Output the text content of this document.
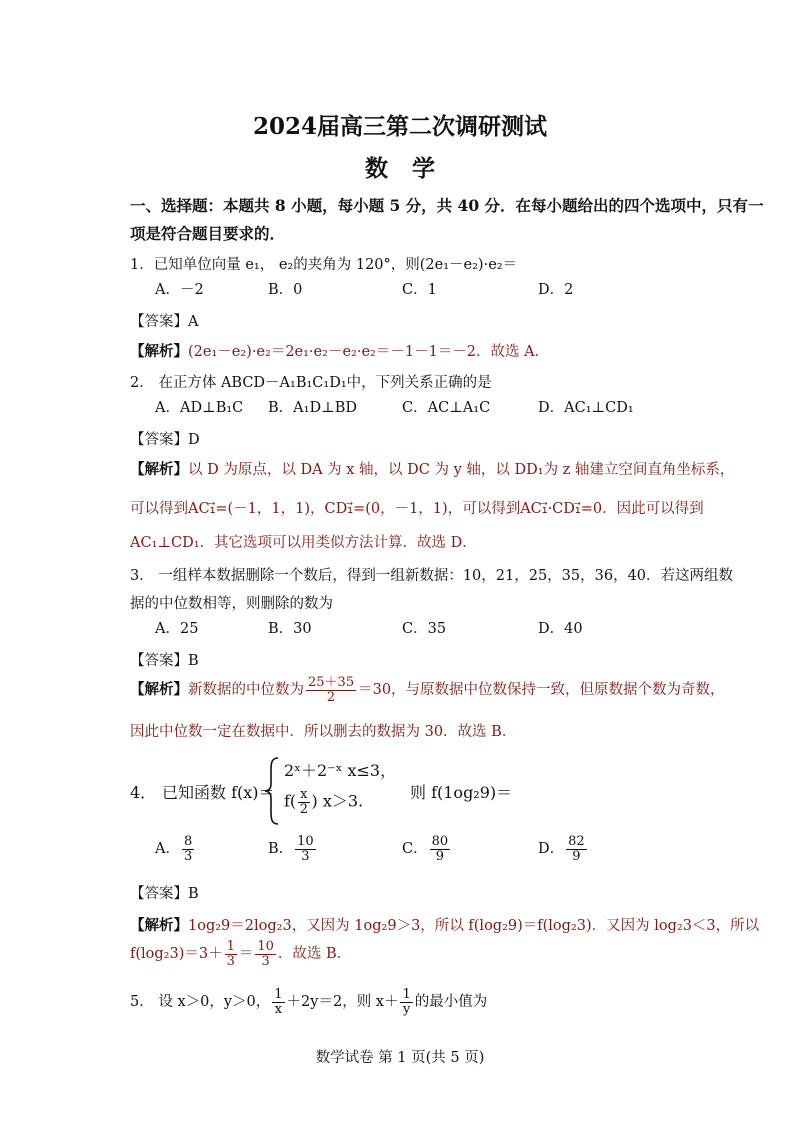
2024届高三第二次调研测试
数学
一、选择题：本题共 8 小题，每小题 5 分，共 40 分．在每小题给出的四个选项中，只有一
项是符合题目要求的．
1．已知单位向量 e₁， e₂的夹角为 120°，则(2e₁－e₂)·e₂＝
A．－2	B．0	C．1	D．2
【答案】A
【解析】(2e₁－e₂)·e₂＝2e₁·e₂－e₂·e₂＝－1－1＝－2．故选 A．
2． 在正方体 ABCD－A₁B₁C₁D₁中，下列关系正确的是
A．AD⊥B₁C B．A₁D⊥BD	C．AC⊥A₁C	D．AC₁⊥CD₁
【答案】D
【解析】以 D 为原点，以 DA 为 x 轴，以 DC 为 y 轴，以 DD₁为 z 轴建立空间直角坐标系，
可以得到AC₁⃗=(－1，1，1)，CD₁⃗=(0，－1，1)，可以得到AC₁⃗·CD₁⃗=0．因此可以得到
AC₁⊥CD₁．其它选项可以用类似方法计算．故选 D．
3． 一组样本数据删除一个数后，得到一组新数据：10，21，25，35，36，40．若这两组数
据的中位数相等，则删除的数为
A．25	B．30	C．35	D．40
【答案】B
【解析】新数据的中位数为 $\frac{25+35}{2} =30$，与原数据中位数保持一致，但原数据个数为奇数，
因此中位数一定在数据中．所以删去的数据为 30．故选 B．
4． 已知函数 f(x)＝
2ˣ＋2⁻ˣ x≤3，
$f( \frac{x}{2}$ ) x＞3.	则 f(1og₂9)＝
A． $\frac{8}{3}$	B． $\frac{10}{3}$	C． $\frac{80}{9}$	D． $\frac{82}{9}$
【答案】B
【解析】1og₂9＝2log₂3，又因为 1og₂9＞3，所以 f(log₂9)＝f(log₂3)．又因为 log₂3＜3，所以
$f(\log_23)=3+ \frac{1}{3} = \frac{10}{3}$ ．故选 B．
5． 设 x＞0，y＞0， $\frac{1}{x} +2y=2$，则 $x+ \frac{1}{y}$ 的最小值为
数学试卷 第 1 页(共 5 页)
